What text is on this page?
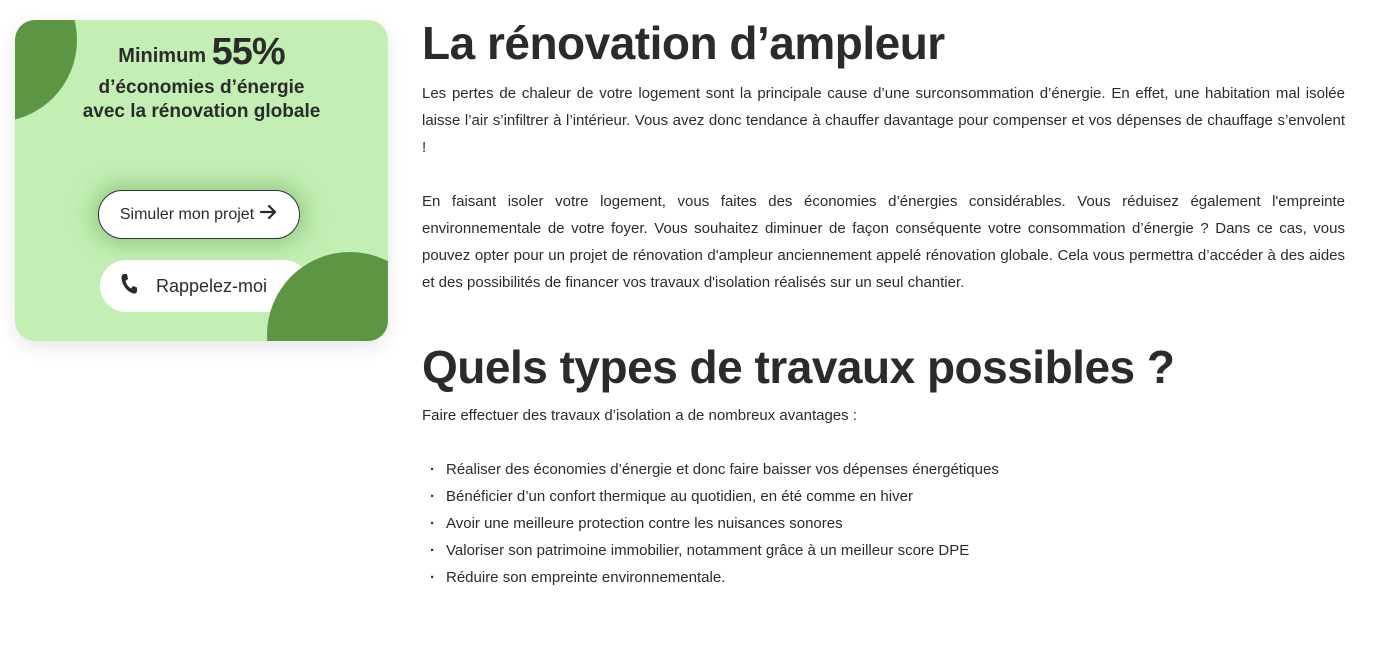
Minimum 55%
d’économies d’énergie
avec la rénovation globale
Simuler mon projet
Rappelez-moi
La rénovation d’ampleur

Les pertes de chaleur de votre logement sont la principale cause d’une surconsommation d’énergie. En effet, une habitation mal isolée laisse l’air s’infiltrer à l’intérieur. Vous avez donc tendance à chauffer davantage pour compenser et vos dépenses de chauffage s’envolent !

En faisant isoler votre logement, vous faites des économies d’énergies considérables. Vous réduisez également l'empreinte environnementale de votre foyer. Vous souhaitez diminuer de façon conséquente votre consommation d’énergie ? Dans ce cas, vous pouvez opter pour un projet de rénovation d'ampleur anciennement appelé rénovation globale. Cela vous permettra d’accéder à des aides et des possibilités de financer vos travaux d'isolation réalisés sur un seul chantier.

Quels types de travaux possibles ?

Faire effectuer des travaux d’isolation a de nombreux avantages :

· Réaliser des économies d’énergie et donc faire baisser vos dépenses énergétiques
· Bénéficier d’un confort thermique au quotidien, en été comme en hiver
· Avoir une meilleure protection contre les nuisances sonores
· Valoriser son patrimoine immobilier, notamment grâce à un meilleur score DPE
· Réduire son empreinte environnementale.
